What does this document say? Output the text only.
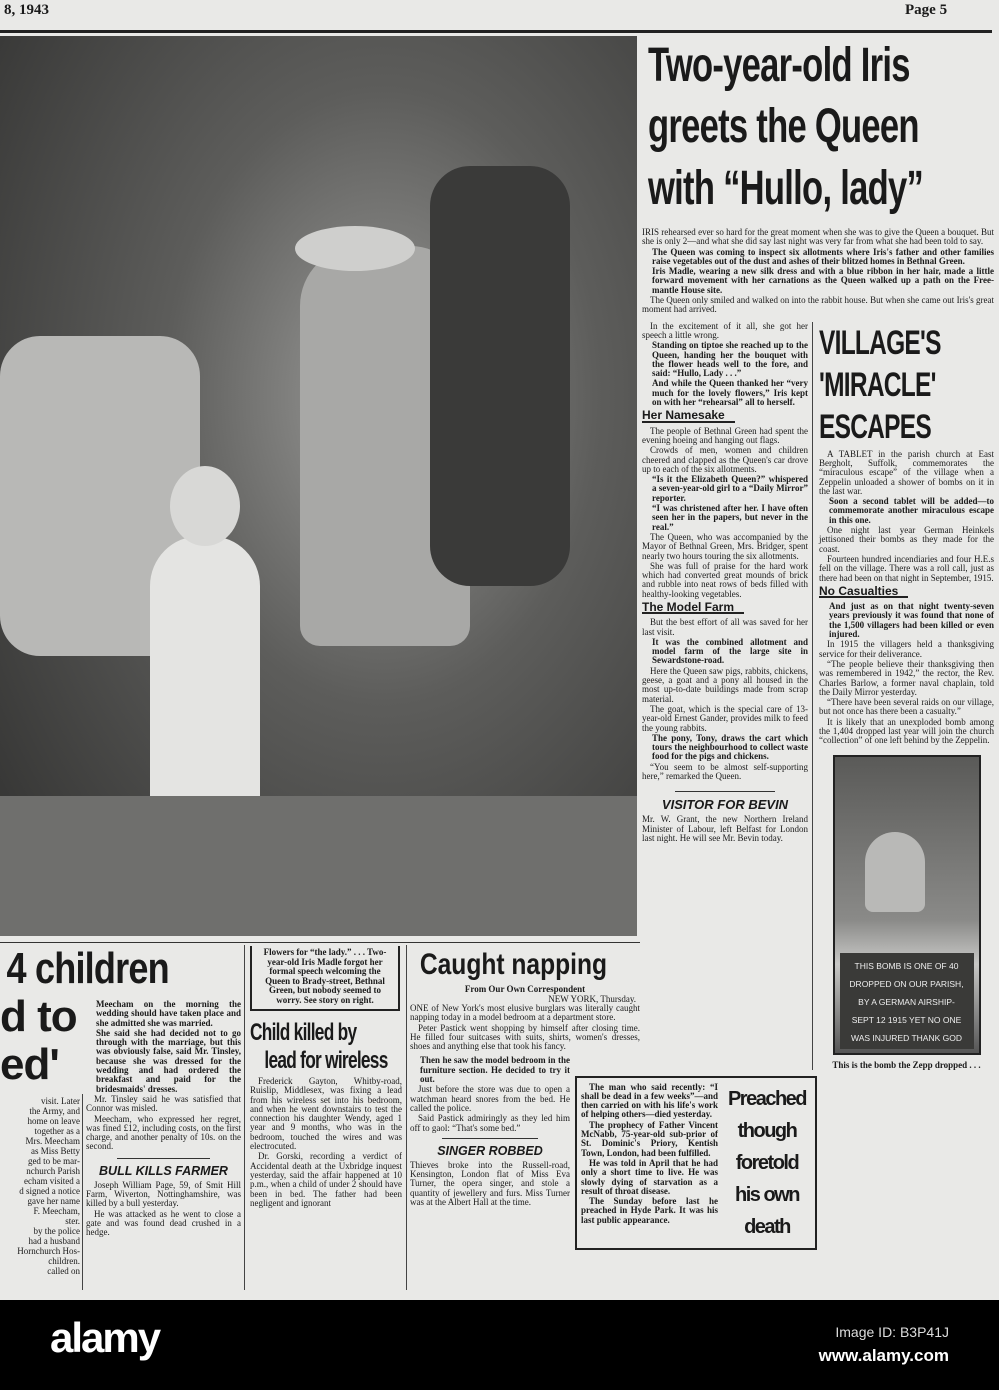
8, 1943	Page 5
Two-year-old Iris
greets the Queen
with “Hullo, lady”

IRIS rehearsed ever so hard for the great moment when she was to give the Queen a bouquet. But she is only 2—and what she did say last night was very far from what she had been told to say.

The Queen was coming to inspect six allotments where Iris's father and other families raise vegetables out of the dust and ashes of their blitzed homes in Bethnal Green.

Iris Madle, wearing a new silk dress and with a blue ribbon in her hair, made a little forward movement with her carnations as the Queen walked up a path on the Free-mantle House site.

The Queen only smiled and walked on into the rabbit house. But when she came out Iris's great moment had arrived.

In the excitement of it all, she got her speech a little wrong.

Standing on tiptoe she reached up to the Queen, handing her the bouquet with the flower heads well to the fore, and said: “Hullo, Lady . . .”

And while the Queen thanked her “very much for the lovely flowers,” Iris kept on with her “rehearsal” all to herself.

Her Namesake

The people of Bethnal Green had spent the evening hoeing and hanging out flags.

Crowds of men, women and children cheered and clapped as the Queen's car drove up to each of the six allotments.

“Is it the Elizabeth Queen?” whispered a seven-year-old girl to a “Daily Mirror” reporter.

“I was christened after her. I have often seen her in the papers, but never in the real.”

The Queen, who was accompanied by the Mayor of Bethnal Green, Mrs. Bridger, spent nearly two hours touring the six allotments.

She was full of praise for the hard work which had converted great mounds of brick and rubble into neat rows of beds filled with healthy-looking vegetables.

The Model Farm

But the best effort of all was saved for her last visit.

It was the combined allotment and model farm of the large site in Sewardstone-road.

Here the Queen saw pigs, rabbits, chickens, geese, a goat and a pony all housed in the most up-to-date buildings made from scrap material.

The goat, which is the special care of 13-year-old Ernest Gander, provides milk to feed the young rabbits.

The pony, Tony, draws the cart which tours the neighbourhood to collect waste food for the pigs and chickens.

“You seem to be almost self-supporting here,” remarked the Queen.

VISITOR FOR BEVIN

Mr. W. Grant, the new Northern Ireland Minister of Labour, left Belfast for London last night. He will see Mr. Bevin today.

VILLAGE'S
'MIRACLE'
ESCAPES

A TABLET in the parish church at East Bergholt, Suffolk, commemorates the “miraculous escape” of the village when a Zeppelin unloaded a shower of bombs on it in the last war.

Soon a second tablet will be added—to commemorate another miraculous escape in this one.

One night last year German Heinkels jettisoned their bombs as they made for the coast.

Fourteen hundred incendiaries and four H.E.s fell on the village. There was a roll call, just as there had been on that night in September, 1915.

No Casualties

And just as on that night twenty-seven years previously it was found that none of the 1,500 villagers had been killed or even injured.

In 1915 the villagers held a thanksgiving service for their deliverance.

“The people believe their thanksgiving then was remembered in 1942,” the rector, the Rev. Charles Barlow, a former naval chaplain, told the Daily Mirror yesterday.

“There have been several raids on our village, but not once has there been a casualty.”

It is likely that an unexploded bomb among the 1,404 dropped last year will join the church “collection” of one left behind by the Zeppelin.

THIS BOMB IS ONE OF 40
DROPPED ON OUR PARISH,
BY A GERMAN AIRSHIP-
SEPT 12 1915 YET NO ONE
WAS INJURED THANK GOD
This is the bomb the Zepp dropped . . .
4 children
d to
ed'
visit. Later
the Army, and
home on leave
together as a
Mrs. Meecham
as Miss Betty
ged to be mar-
nchurch Parish
echam visited a
d signed a notice
gave her name
F. Meecham,
ster.
by the police
had a husband
Hornchurch Hos-
children.
called on

Meecham on the morning the wedding should have taken place and she admitted she was married.

She said she had decided not to go through with the marriage, but this was obviously false, said Mr. Tinsley, because she was dressed for the wedding and had ordered the breakfast and paid for the bridesmaids' dresses.

Mr. Tinsley said he was satisfied that Connor was misled.

Meecham, who expressed her regret, was fined £12, including costs, on the first charge, and another penalty of 10s. on the second.

BULL KILLS FARMER

Joseph William Page, 59, of Smit Hill Farm, Wiverton, Nottinghamshire, was killed by a bull yesterday.

He was attacked as he went to close a gate and was found dead crushed in a hedge.

Flowers for “the lady.” . . . Two-year-old Iris Madle forgot her formal speech welcoming the Queen to Brady-street, Bethnal Green, but nobody seemed to worry. See story on right.
Child killed by
lead for wireless

Frederick Gayton, Whitby-road, Ruislip, Middlesex, was fixing a lead from his wireless set into his bedroom, and when he went downstairs to test the connection his daughter Wendy, aged 1 year and 9 months, who was in the bedroom, touched the wires and was electrocuted.

Dr. Gorski, recording a verdict of Accidental death at the Uxbridge inquest yesterday, said the affair happened at 10 p.m., when a child of under 2 should have been in bed. The father had been negligent and ignorant

Caught napping
From Our Own Correspondent
NEW YORK, Thursday.

ONE of New York's most elusive burglars was literally caught napping today in a model bedroom at a department store.

Peter Pastick went shopping by himself after closing time. He filled four suitcases with suits, shirts, women's dresses, shoes and anything else that took his fancy.

Then he saw the model bedroom in the furniture section. He decided to try it out.

Just before the store was due to open a watchman heard snores from the bed. He called the police.

Said Pastick admiringly as they led him off to gaol: “That's some bed.”

SINGER ROBBED

Thieves broke into the Russell-road, Kensington, London flat of Miss Eva Turner, the opera singer, and stole a quantity of jewellery and furs. Miss Turner was at the Albert Hall at the time.

The man who said recently: “I shall be dead in a few weeks”—and then carried on with his life's work of helping others—died yesterday.

The prophecy of Father Vincent McNabb, 75-year-old sub-prior of St. Dominic's Priory, Kentish Town, London, had been fulfilled.

He was told in April that he had only a short time to live. He was slowly dying of starvation as a result of throat disease.

The Sunday before last he preached in Hyde Park. It was his last public appearance.

Preached
though
foretold
his own
death
alamy	Image ID: B3P41J
www.alamy.com
